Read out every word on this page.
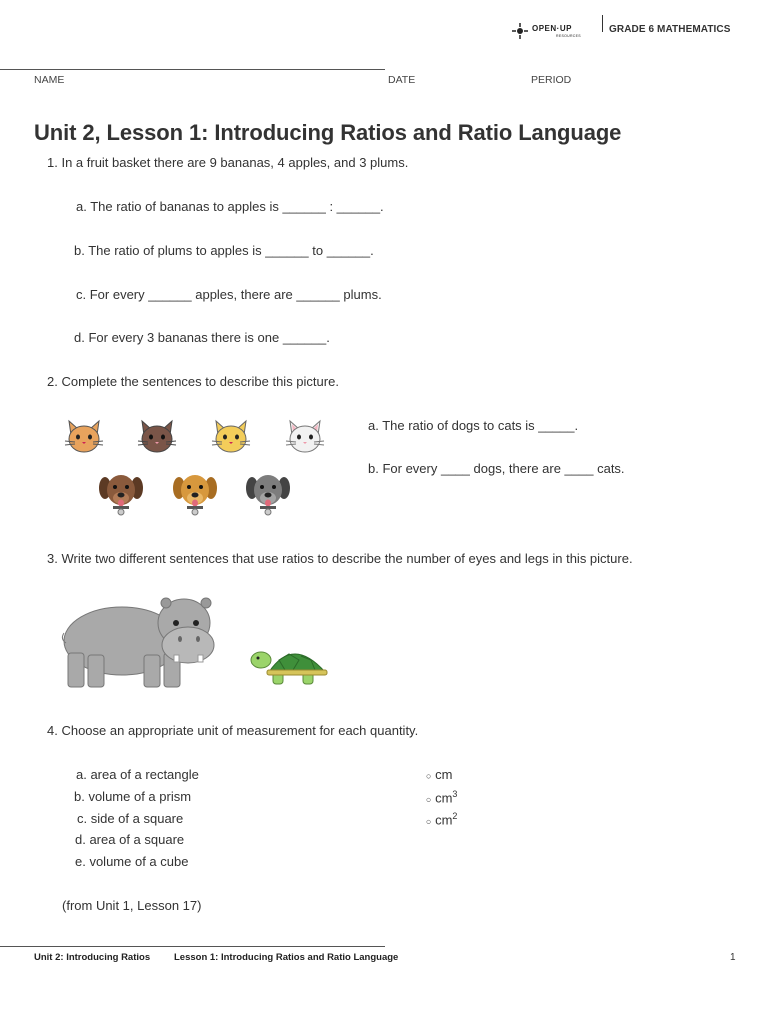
OPEN·UP
RESOURCES
GRADE 6 MATHEMATICS
NAME	DATE	PERIOD
Unit 2, Lesson 1: Introducing Ratios and Ratio Language
1. In a fruit basket there are 9 bananas, 4 apples, and 3 plums.
a. The ratio of bananas to apples is ______ : ______.
b. The ratio of plums to apples is ______ to ______.
c. For every ______ apples, there are ______ plums.
d. For every 3 bananas there is one ______.
2. Complete the sentences to describe this picture.
a. The ratio of dogs to cats is _____.
b. For every ____ dogs, there are ____ cats.
3. Write two different sentences that use ratios to describe the number of eyes and legs in this picture.
4. Choose an appropriate unit of measurement for each quantity.
a. area of a rectangle
b. volume of a prism
c. side of a square
d. area of a square
e. volume of a cube
○ cm
○ $cm^3$
○ $cm^2$
(from Unit 1, Lesson 17)
Unit 2: Introducing Ratios	Lesson 1: Introducing Ratios and Ratio Language	1
